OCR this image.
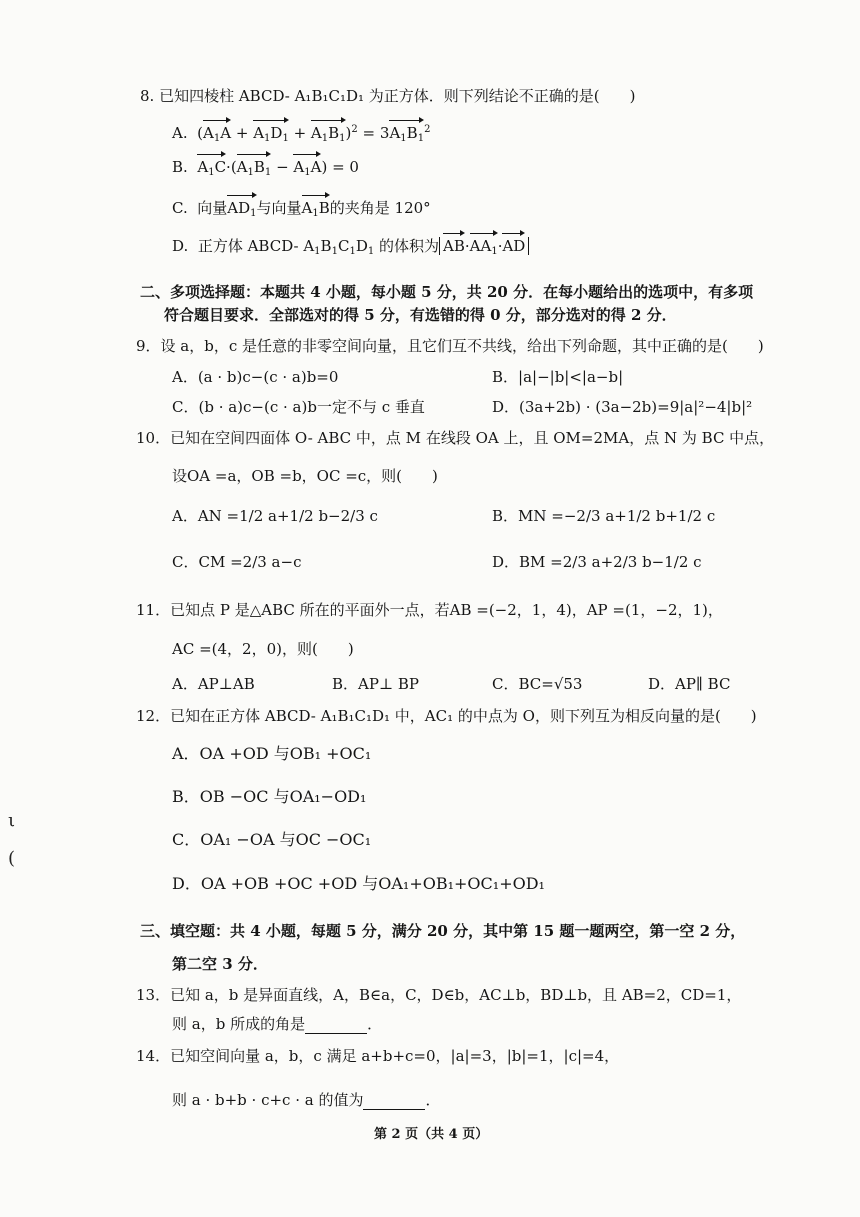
8. 已知四棱柱 ABCD- A₁B₁C₁D₁ 为正方体．则下列结论不正确的是(　　)
A. $(A_1A + A_1D_1 + A_1B_1)^2 = 3A_1B_1^2$
B. $A_1C\cdot(A_1B_1 - A_1A) = 0$
C. 向量$AD_1$与向量$A_1B$的夹角是 120°
D. 正方体 ABCD- $A_1B_1C_1D_1$ 的体积为 $AB\cdot AA_1\cdot AD$
二、多项选择题：本题共 4 小题，每小题 5 分，共 20 分．在每小题给出的选项中，有多项
符合题目要求．全部选对的得 5 分，有选错的得 0 分，部分选对的得 2 分．
9．设 a，b，c 是任意的非零空间向量，且它们互不共线，给出下列命题，其中正确的是(　　)
A．(a · b)c−(c · a)b=0	B．|a|−|b|<|a−b|
C．(b · a)c−(c · a)b一定不与 c 垂直	D．(3a+2b) · (3a−2b)=9|a|²−4|b|²
10．已知在空间四面体 O- ABC 中，点 M 在线段 OA 上，且 OM=2MA，点 N 为 BC 中点，
设OA =a，OB =b，OC =c，则(　　)
A．AN =1/2 a+1/2 b−2/3 c	B．MN =−2/3 a+1/2 b+1/2 c
C．CM =2/3 a−c	D．BM =2/3 a+2/3 b−1/2 c
11．已知点 P 是△ABC 所在的平面外一点，若AB =(−2，1，4)，AP =(1，−2，1)，
AC =(4，2，0)，则(　　)
A．AP⊥AB	B．AP⊥ BP	C．BC=√53	D．AP∥ BC
12．已知在正方体 ABCD- A₁B₁C₁D₁ 中，AC₁ 的中点为 O，则下列互为相反向量的是(　　)
A．OA +OD 与OB₁ +OC₁
B．OB −OC 与OA₁−OD₁
C．OA₁ −OA 与OC −OC₁
D．OA +OB +OC +OD 与OA₁+OB₁+OC₁+OD₁
三、填空题：共 4 小题，每题 5 分，满分 20 分，其中第 15 题一题两空，第一空 2 分，
第二空 3 分．
13．已知 a，b 是异面直线，A，B∈a，C，D∈b，AC⊥b，BD⊥b，且 AB=2，CD=1，
则 a，b 所成的角是	．
14．已知空间向量 a，b，c 满足 a+b+c=0，|a|=3，|b|=1，|c|=4，
则 a · b+b · c+c · a 的值为	．
第 2 页（共 4 页）
ι
(
